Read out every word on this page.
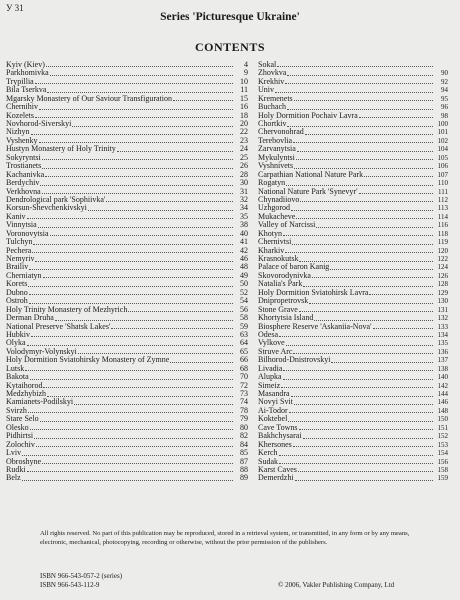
У 31
Series 'Picturesque Ukraine'
CONTENTS
Kyiv (Kiev)	4
Parkhomivka	9
Trypillia	10
Bila Tserkva	11
Mgarsky Monastery of Our Saviour Transfiguration	15
Chernihiv	16
Kozelets	18
Novhorod-Siverskyi	20
Nizhyn	22
Vyshenky	23
Hustyn Monastery of Holy Trinity	24
Sokyryntsi	25
Trostianets	26
Kachanivka	28
Berdychiv	30
Verkhovna	31
Dendrological park 'Sophiivka'	32
Korsun-Shevchenkivskyi	34
Kaniv	35
Vinnytsia	38
Voronovytsia	40
Tulchyn	41
Pechera	42
Nemyriv	46
Brailiv	48
Cherniatyn	49
Korets	50
Dubno	52
Ostroh	54
Holy Trinity Monastery of Mezhyrich	56
Derman Druha	58
National Preserve 'Shatsk Lakes'	59
Hubkiv	63
Olyka	64
Volodymyr-Volynskyi	65
Holy Dormition Sviatohirsky Monastery of Zymne	66
Lutsk	68
Bakota	70
Kytaihorod	72
Medzhybizh	73
Kamianets-Podilskyi	74
Svirzh	78
Stare Selo	79
Olesko	80
Pidhirtsi	82
Zolochiv	84
Lviv	85
Obroshyne	87
Rudki	88
Belz	89
Sokal
Zhovkva	90
Krekhiv	92
Univ	94
Kremenets	95
Buchach	96
Holy Dormition Pochaiv Lavra	98
Chortkiv	100
Chervonohrad	101
Terebovlia	102
Zarvanytsia	104
Mykulyntsi	105
Vyshnivets	106
Carpathian National Nature Park	107
Rogatyn	110
National Nature Park 'Synevyr'	111
Chynadiiovo	112
Uzhgorod	113
Mukacheve	114
Valley of Narcissi	116
Khotyn	118
Chernivtsi	119
Kharkiv	120
Krasnokutsk	122
Palace of baron Kanig	124
Skovorodynivka	126
Natalia's Park	128
Holy Dormition Sviatohirsk Lavra	129
Dnipropetrovsk	130
Stone Grave	131
Khortytsia Island	132
Biosphere Reserve 'Askaniia-Nova'	133
Odesa	134
Vylkove	135
Struve Arc	136
Bilhorod-Dnistrovskyi	137
Livadia	138
Alupka	140
Simeiz	142
Masandra	144
Novyi Svit	146
Ai-Todor	148
Koktebel	150
Cave Towns	151
Bakhchysarai	152
Khersones	153
Kerch	154
Sudak	156
Karst Caves	158
Demerdzhi	159
All rights reserved. No part of this publication may be reproduced, stored in a retrieval system, or transmitted, in any form or by any means, electronic, mechanical, photocopying, recording or otherwise, without the prior permission of the publishers.
ISBN 966-543-057-2 (series)
ISBN 966-543-112-9	© 2006, Vakler Publishing Company, Ltd
